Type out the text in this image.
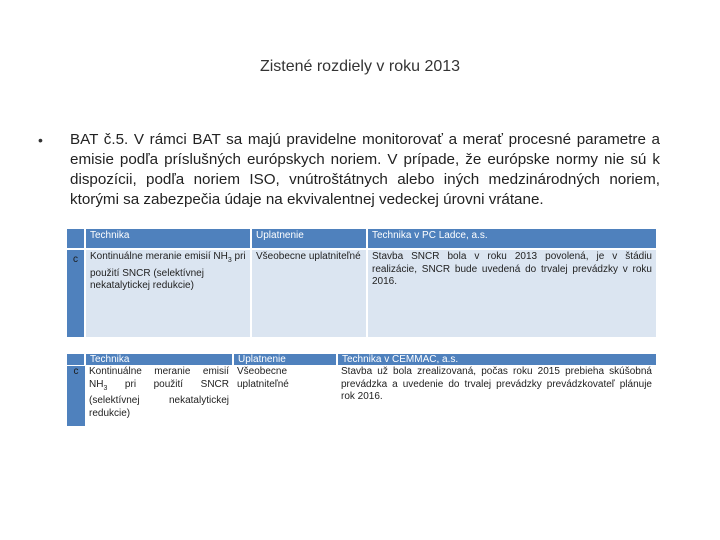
Zistené rozdiely v roku 2013
• BAT č.5. V rámci BAT sa majú pravidelne monitorovať a merať procesné parametre a emisie podľa príslušných európskych noriem. V prípade, že európske normy nie sú k dispozícii, podľa noriem ISO, vnútroštátnych alebo iných medzinárodných noriem, ktorými sa zabezpečia údaje na ekvivalentnej vedeckej úrovni vrátane.
	Technika	Uplatnenie	Technika v PC Ladce, a.s.
c	Kontinuálne meranie emisií $NH_3$ pri použití SNCR (selektívnej nekatalytickej redukcie)	Všeobecne uplatniteľné	Stavba SNCR bola v roku 2013 povolená, je v štádiu realizácie, SNCR bude uvedená do trvalej prevádzky v roku 2016.
	Technika	Uplatnenie	Technika v CEMMAC, a.s.
c	Kontinuálne meranie emisií $NH_3$ pri použití SNCR (selektívnej nekatalytickej redukcie)	Všeobecne uplatniteľné	Stavba už bola zrealizovaná, počas roku 2015 prebieha skúšobná prevádzka a uvedenie do trvalej prevádzky prevádzkovateľ plánuje rok 2016.
